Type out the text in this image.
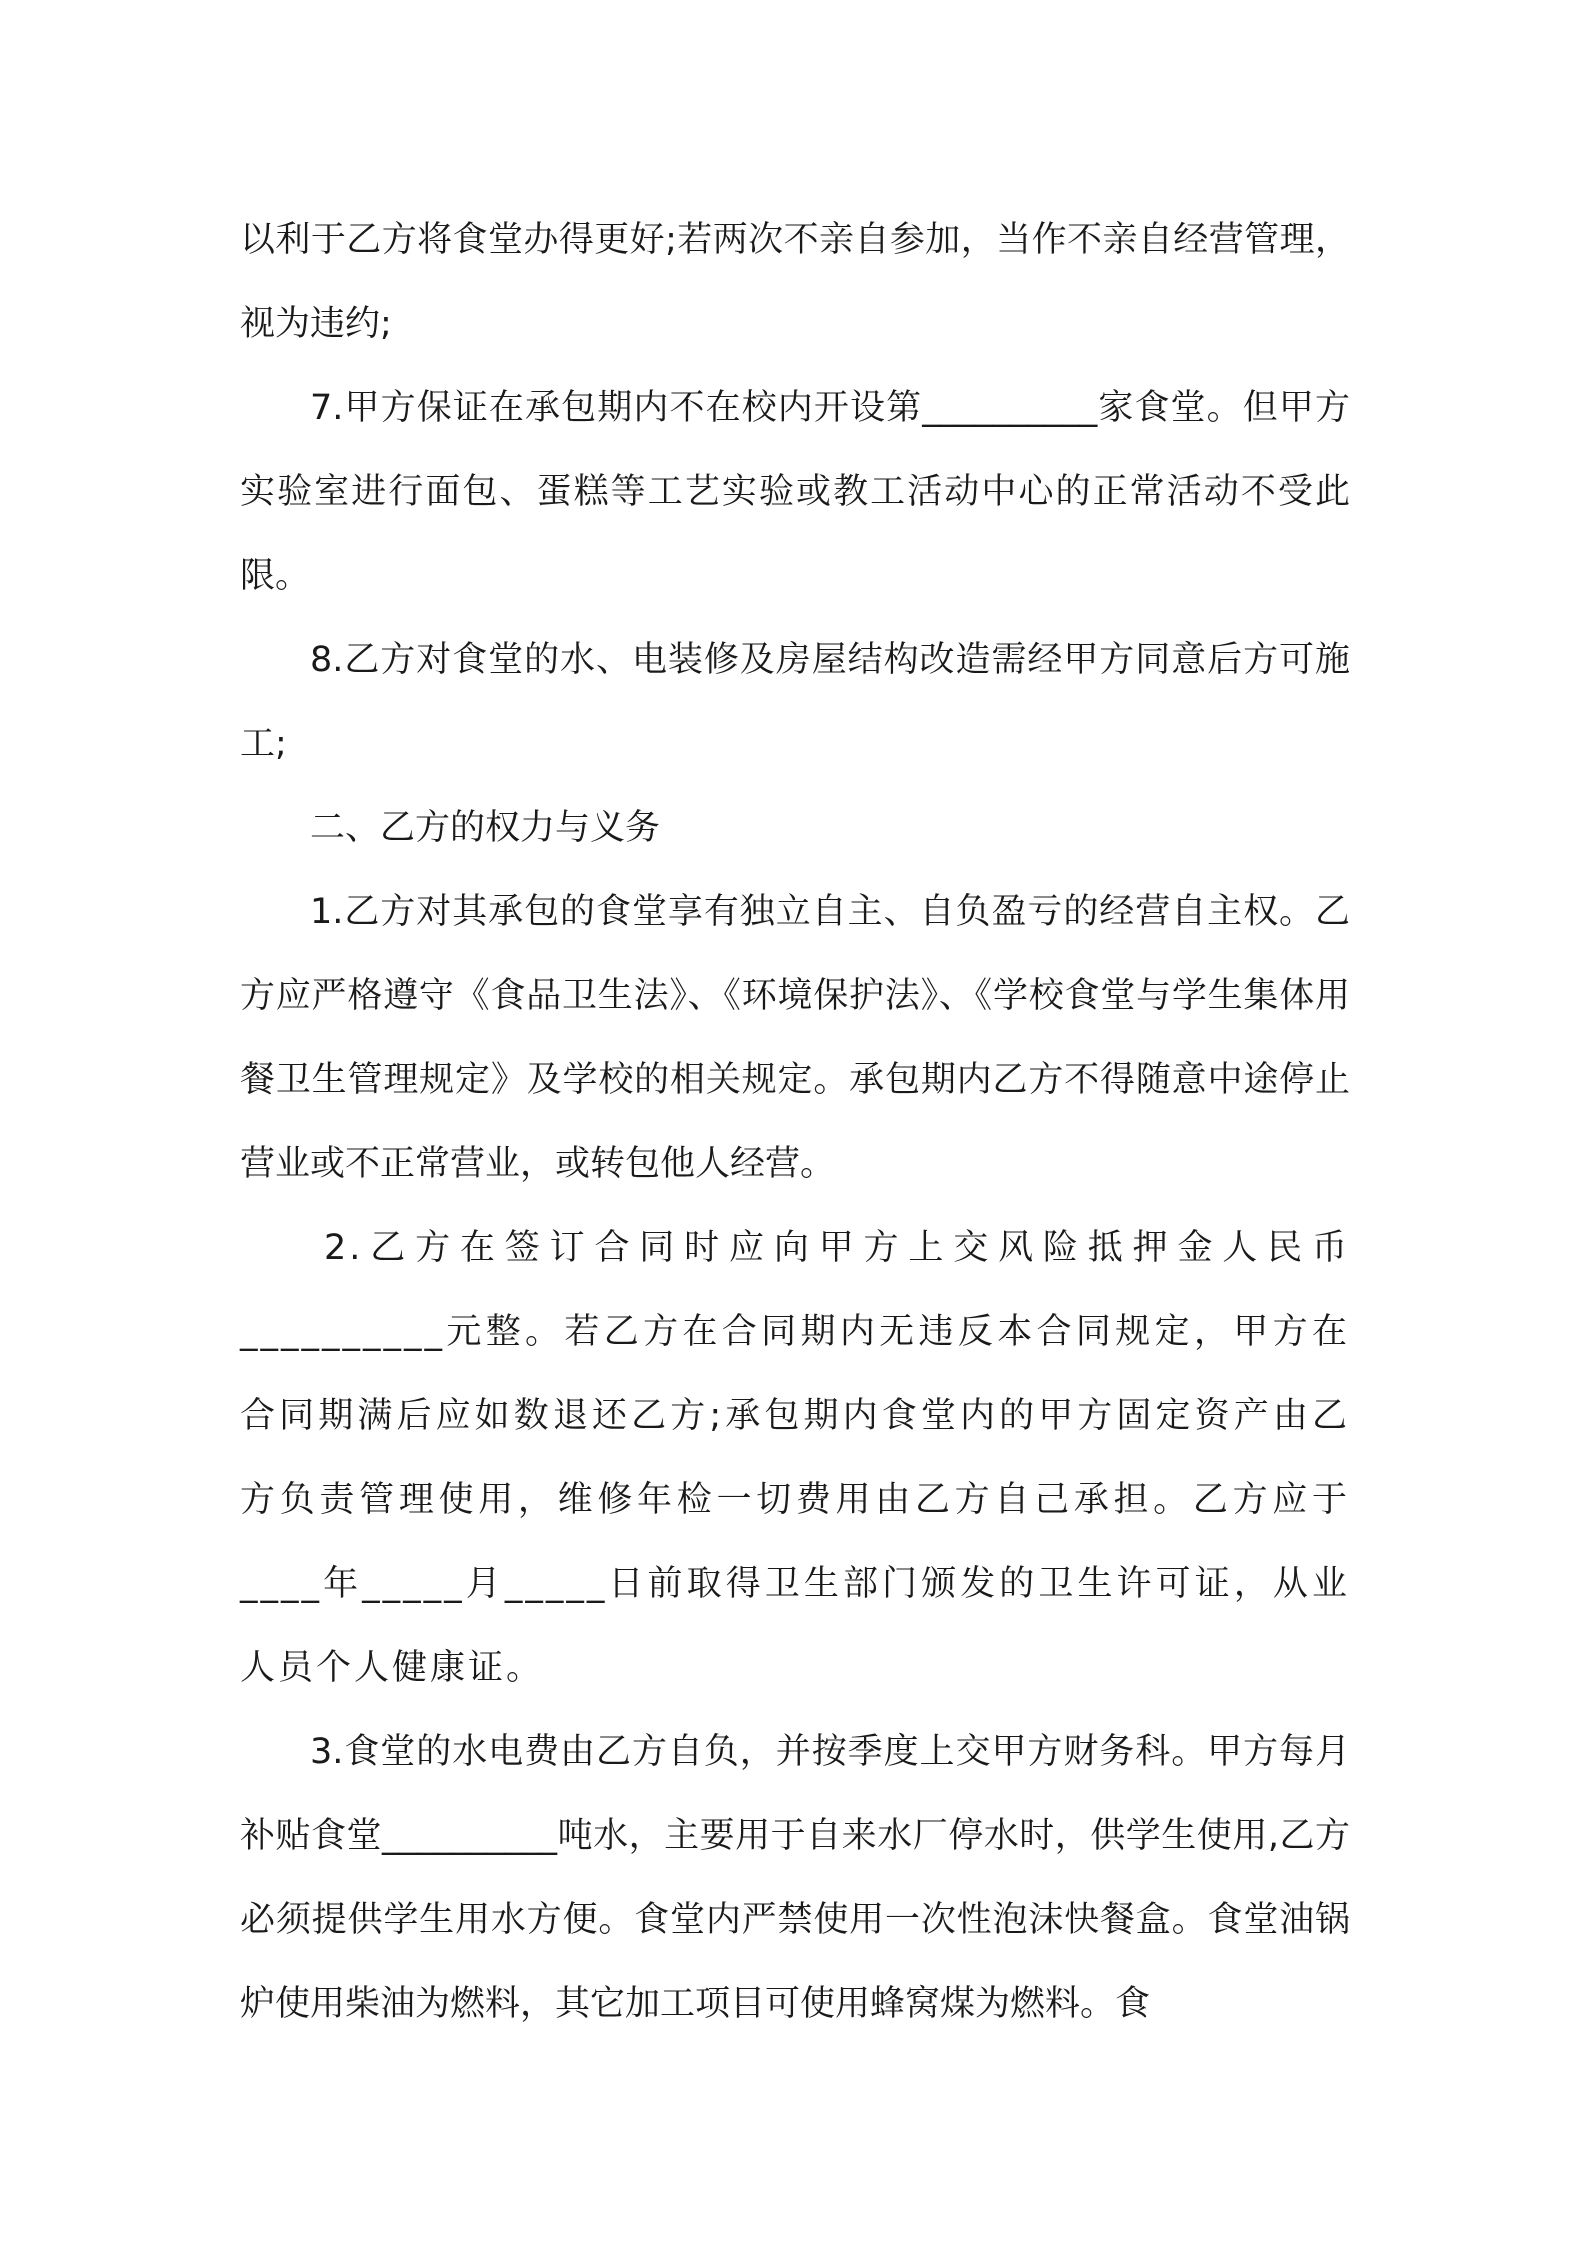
以利于乙方将食堂办得更好;若两次不亲自参加，当作不亲自经营管理，视为违约;

7.甲方保证在承包期内不在校内开设第__________家食堂。但甲方实验室进行面包、蛋糕等工艺实验或教工活动中心的正常活动不受此限。

8.乙方对食堂的水、电装修及房屋结构改造需经甲方同意后方可施工;

二、乙方的权力与义务

1.乙方对其承包的食堂享有独立自主、自负盈亏的经营自主权。乙方应严格遵守《食品卫生法》、《环境保护法》、《学校食堂与学生集体用餐卫生管理规定》及学校的相关规定。承包期内乙方不得随意中途停止营业或不正常营业，或转包他人经营。

2.乙方在签订合同时应向甲方上交风险抵押金人民币__________元整。若乙方在合同期内无违反本合同规定，甲方在合同期满后应如数退还乙方;承包期内食堂内的甲方固定资产由乙方负责管理使用，维修年检一切费用由乙方自己承担。乙方应于____年_____月_____日前取得卫生部门颁发的卫生许可证，从业人员个人健康证。

3.食堂的水电费由乙方自负，并按季度上交甲方财务科。甲方每月补贴食堂__________吨水，主要用于自来水厂停水时，供学生使用,乙方必须提供学生用水方便。食堂内严禁使用一次性泡沫快餐盒。食堂油锅炉使用柴油为燃料，其它加工项目可使用蜂窝煤为燃料。食
